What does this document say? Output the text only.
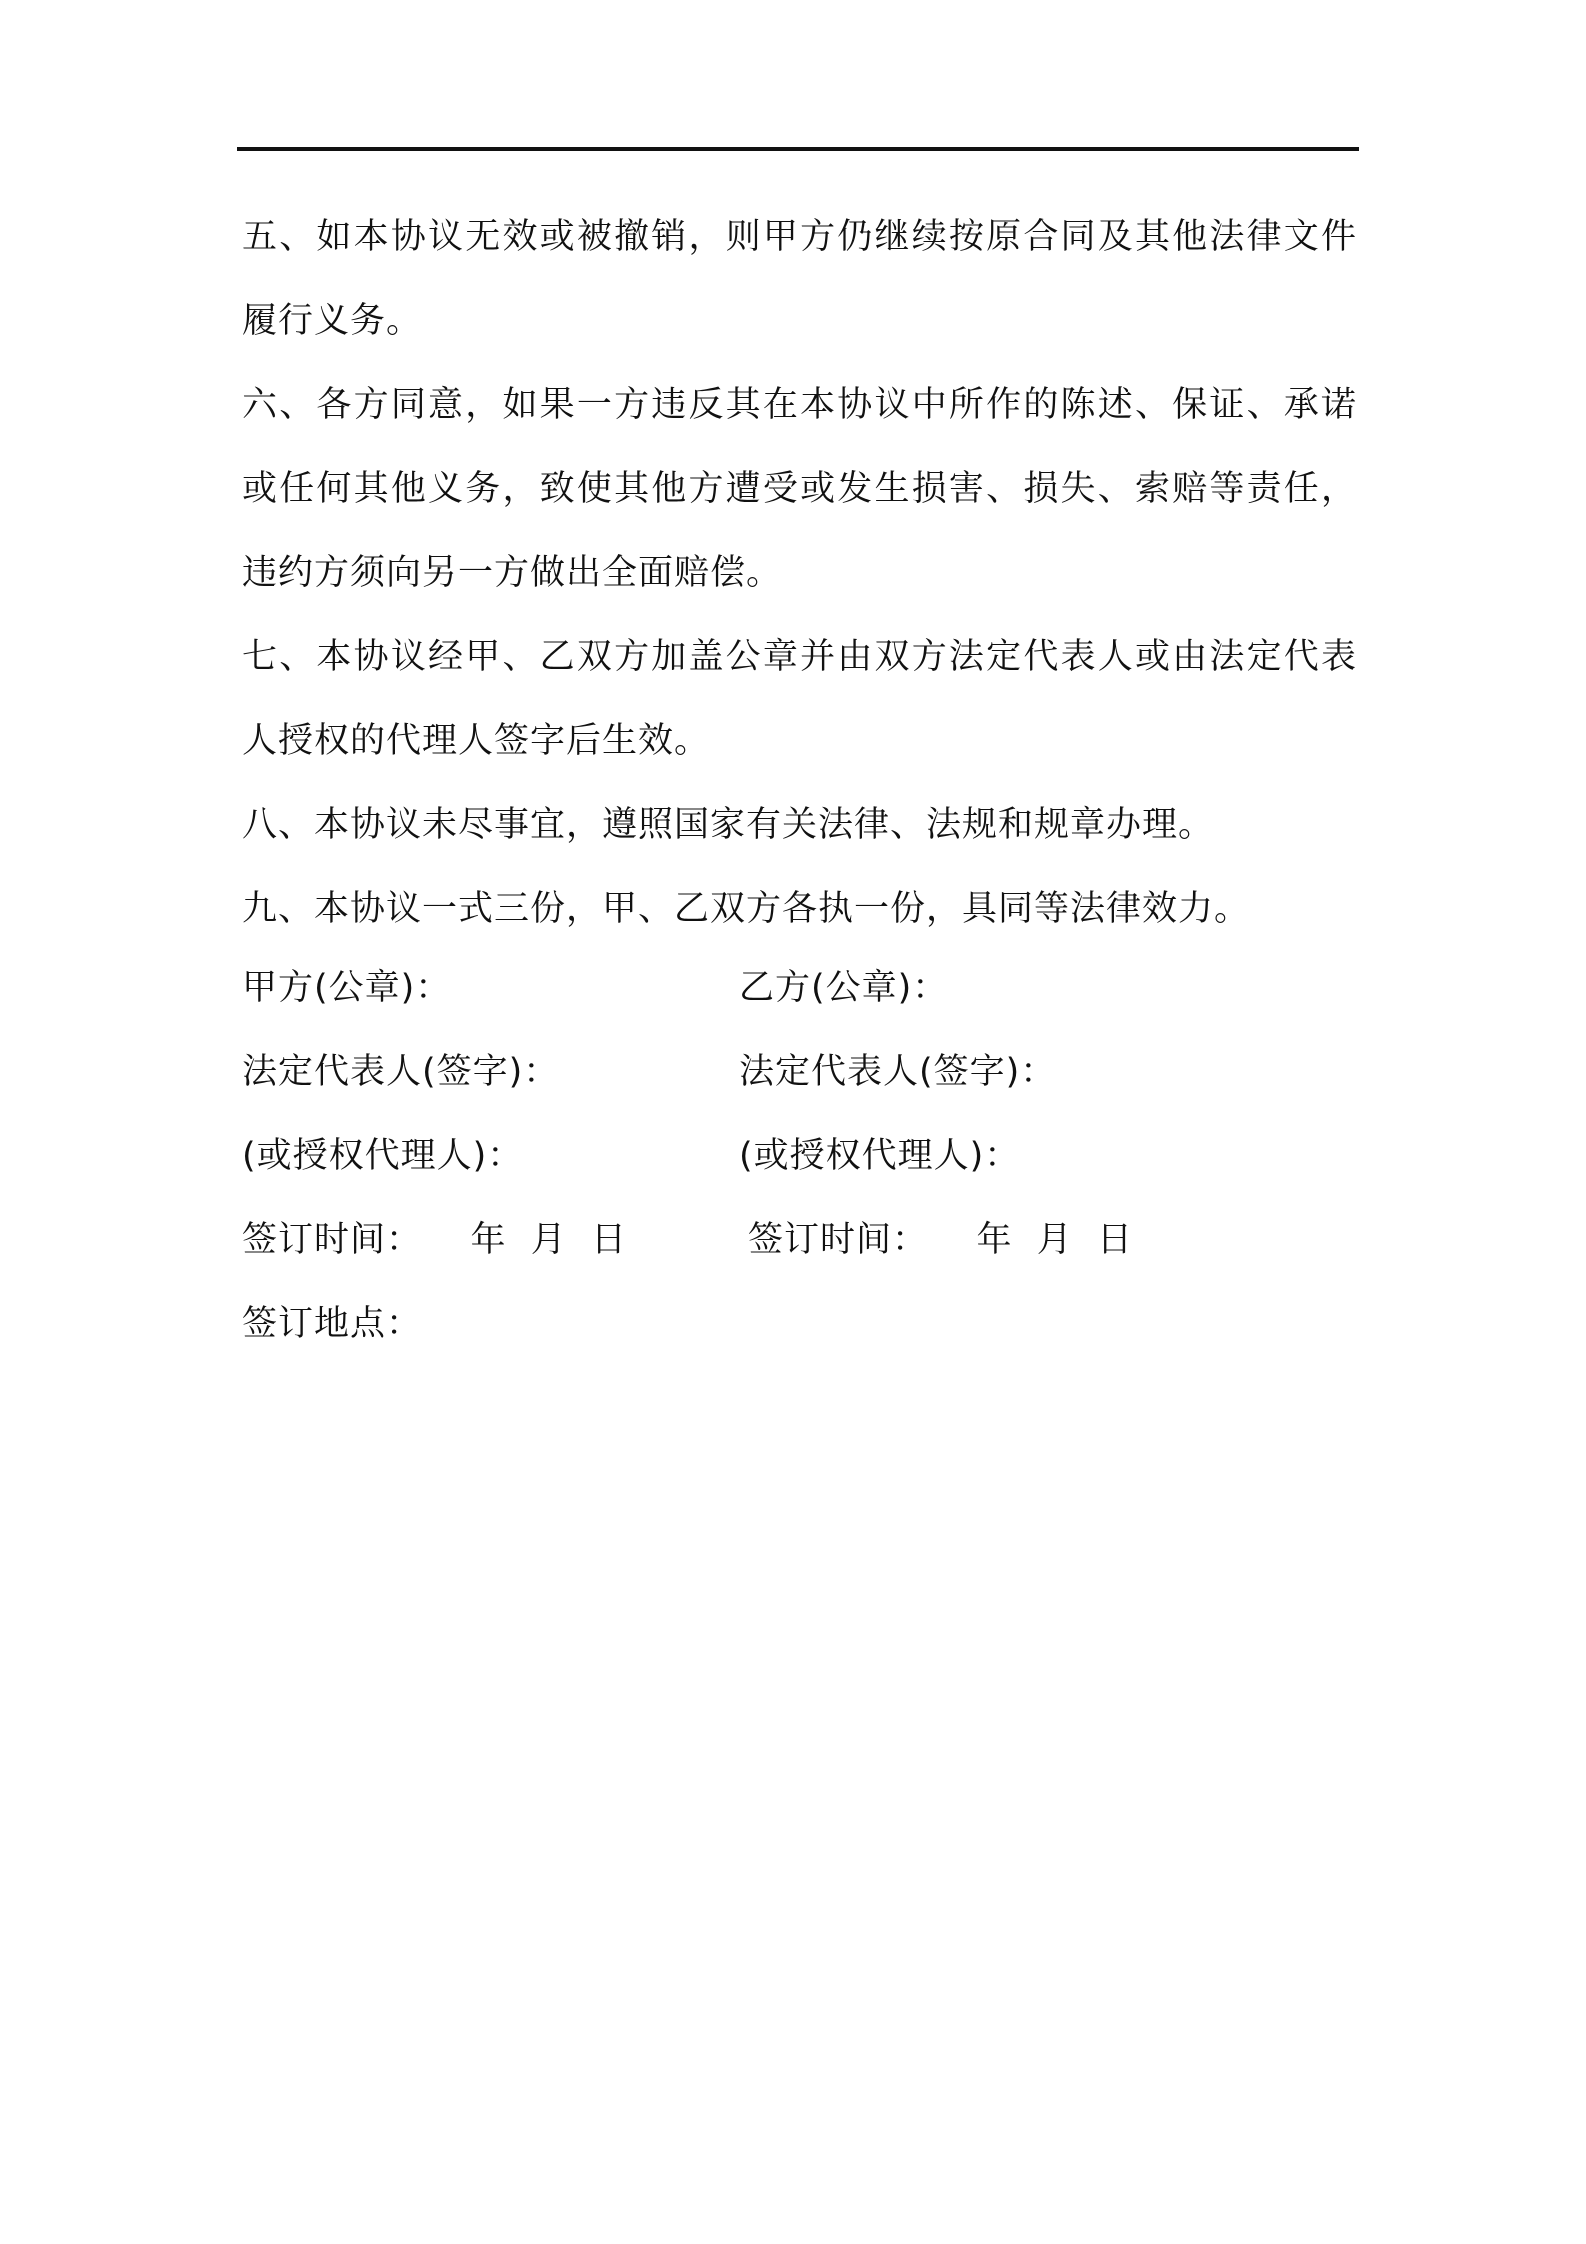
五、如本协议无效或被撤销，则甲方仍继续按原合同及其他法律文件履行义务。

六、各方同意，如果一方违反其在本协议中所作的陈述、保证、承诺或任何其他义务，致使其他方遭受或发生损害、损失、索赔等责任，违约方须向另一方做出全面赔偿。

七、本协议经甲、乙双方加盖公章并由双方法定代表人或由法定代表人授权的代理人签字后生效。

八、本协议未尽事宜，遵照国家有关法律、法规和规章办理。

九、本协议一式三份，甲、乙双方各执一份，具同等法律效力。

甲方(公章)：	乙方(公章)：
法定代表人(签字)：	法定代表人(签字)：
(或授权代理人)：	(或授权代理人)：
签订时间：    年  月  日	签订时间：    年  月  日
签订地点：
